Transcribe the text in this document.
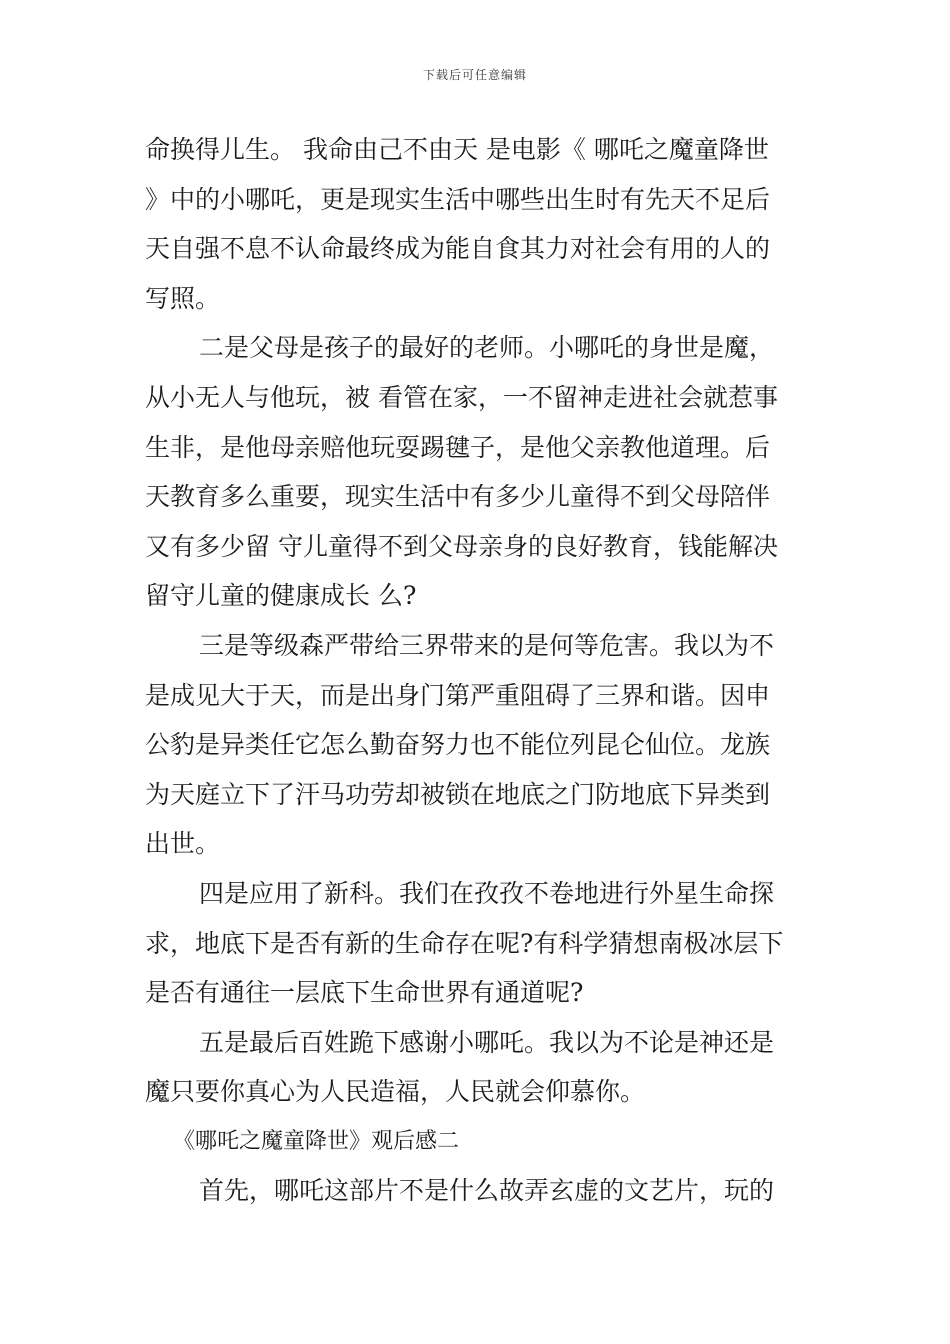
下载后可任意编辑
命换得儿生。 我命由己不由天 是电影《 哪吒之魔童降世
》中的小哪吒，更是现实生活中哪些出生时有先天不足后
天自强不息不认命最终成为能自食其力对社会有用的人的
写照。
二是父母是孩子的最好的老师。小哪吒的身世是魔，
从小无人与他玩，被 看管在家，一不留神走进社会就惹事
生非，是他母亲赔他玩耍踢毽子，是他父亲教他道理。后
天教育多么重要，现实生活中有多少儿童得不到父母陪伴
又有多少留 守儿童得不到父母亲身的良好教育，钱能解决
留守儿童的健康成长 么?
三是等级森严带给三界带来的是何等危害。我以为不
是成见大于天，而是出身门第严重阻碍了三界和谐。因申
公豹是异类任它怎么勤奋努力也不能位列昆仑仙位。龙族
为天庭立下了汗马功劳却被锁在地底之门防地底下异类到
出世。
四是应用了新科。我们在孜孜不卷地进行外星生命探
求，地底下是否有新的生命存在呢?有科学猜想南极冰层下
是否有通往一层底下生命世界有通道呢?
五是最后百姓跪下感谢小哪吒。我以为不论是神还是
魔只要你真心为人民造福，人民就会仰慕你。
《哪吒之魔童降世》观后感二
首先，哪吒这部片不是什么故弄玄虚的文艺片，玩的
